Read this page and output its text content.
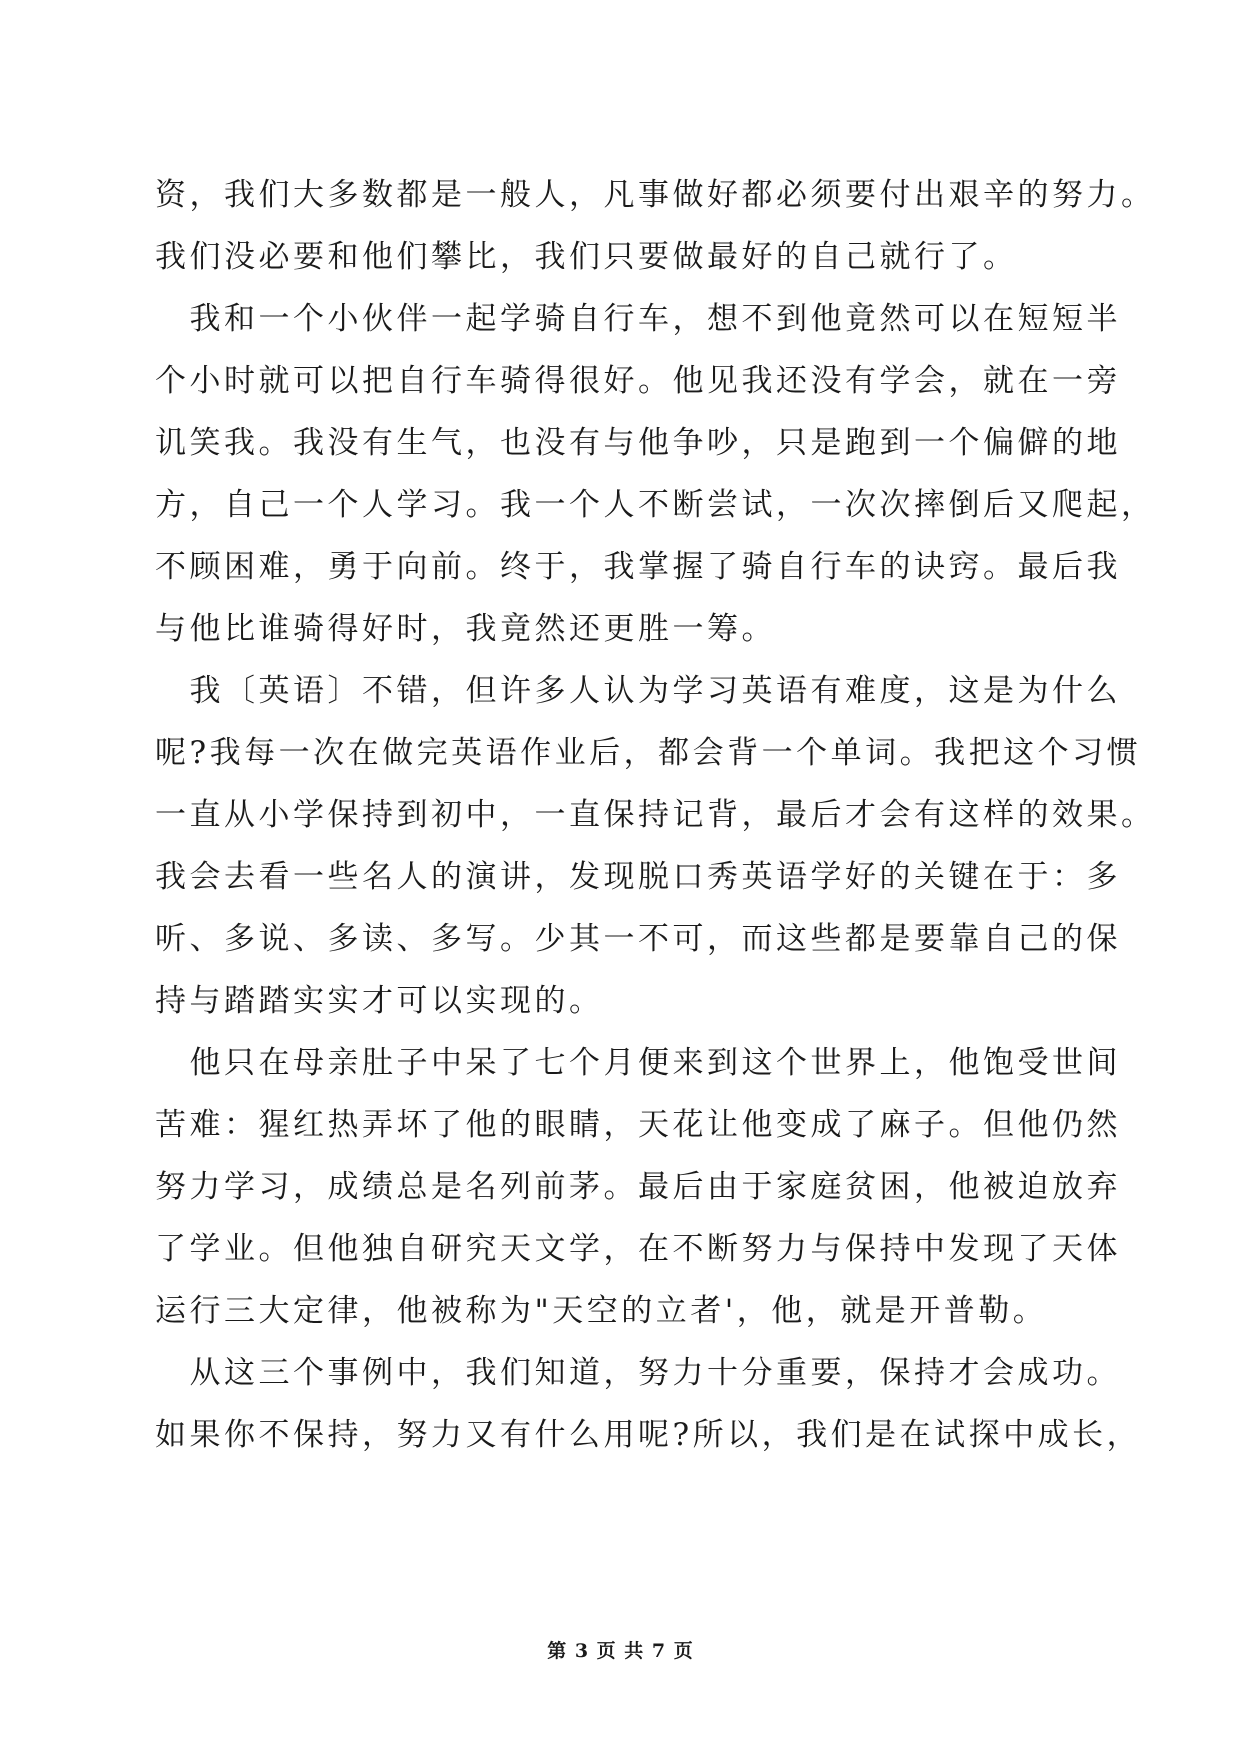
资，我们大多数都是一般人，凡事做好都必须要付出艰辛的努力。
我们没必要和他们攀比，我们只要做最好的自己就行了。
　我和一个小伙伴一起学骑自行车，想不到他竟然可以在短短半
个小时就可以把自行车骑得很好。他见我还没有学会，就在一旁
讥笑我。我没有生气，也没有与他争吵，只是跑到一个偏僻的地
方，自己一个人学习。我一个人不断尝试，一次次摔倒后又爬起，
不顾困难，勇于向前。终于，我掌握了骑自行车的诀窍。最后我
与他比谁骑得好时，我竟然还更胜一筹。
　我〔英语〕不错，但许多人认为学习英语有难度，这是为什么
呢?我每一次在做完英语作业后，都会背一个单词。我把这个习惯
一直从小学保持到初中，一直保持记背，最后才会有这样的效果。
我会去看一些名人的演讲，发现脱口秀英语学好的关键在于：多
听、多说、多读、多写。少其一不可，而这些都是要靠自己的保
持与踏踏实实才可以实现的。
　他只在母亲肚子中呆了七个月便来到这个世界上，他饱受世间
苦难：猩红热弄坏了他的眼睛，天花让他变成了麻子。但他仍然
努力学习，成绩总是名列前茅。最后由于家庭贫困，他被迫放弃
了学业。但他独自研究天文学，在不断努力与保持中发现了天体
运行三大定律，他被称为"天空的立者'，他，就是开普勒。
　从这三个事例中，我们知道，努力十分重要，保持才会成功。
如果你不保持，努力又有什么用呢?所以，我们是在试探中成长，
第 3 页 共 7 页
